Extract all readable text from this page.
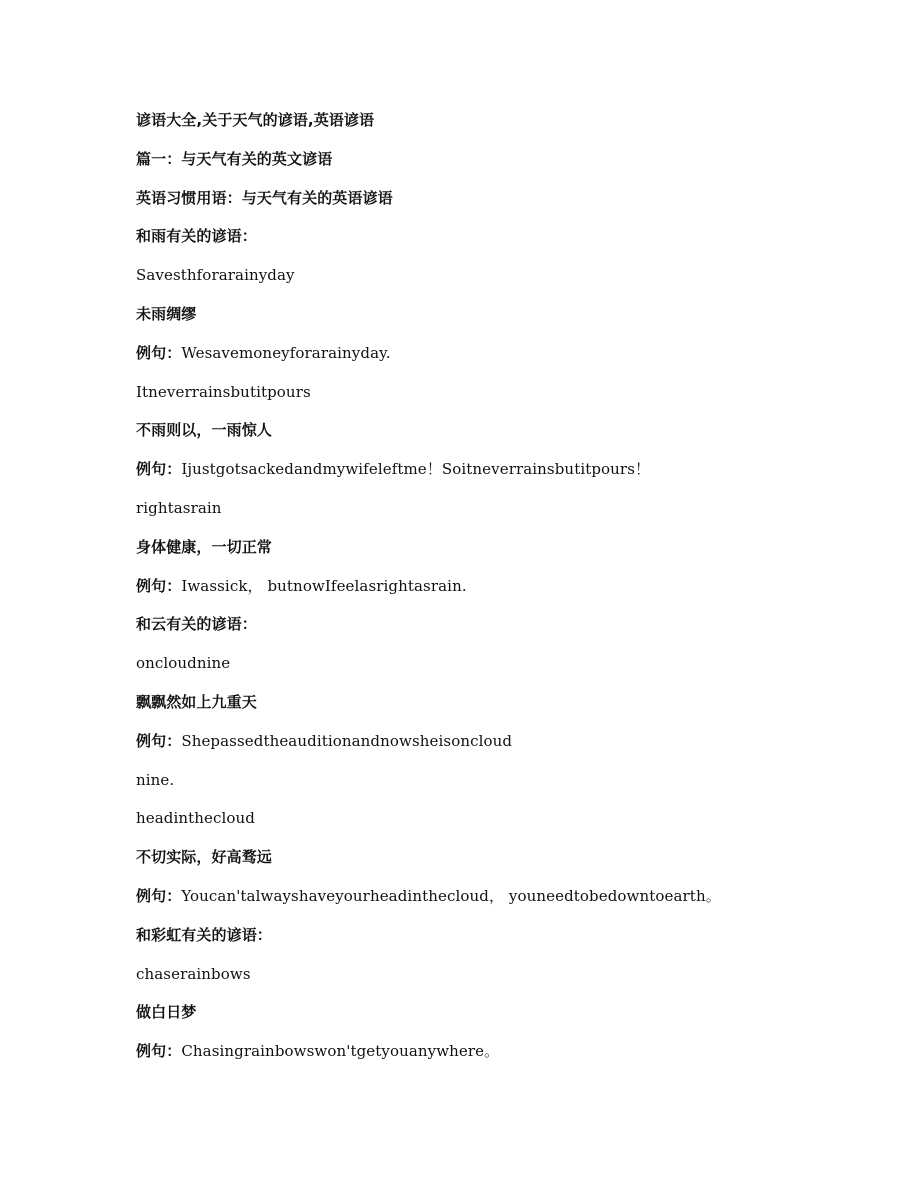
谚语大全,关于天气的谚语,英语谚语
篇一：与天气有关的英文谚语
英语习惯用语：与天气有关的英语谚语
和雨有关的谚语：
Savesthforarainyday
未雨绸缪
例句：Wesavemoneyforarainyday.
Itneverrainsbutitpours
不雨则以，一雨惊人
例句：Ijustgotsackedandmywifeleftme！Soitneverrainsbutitpours！
rightasrain
身体健康，一切正常
例句：Iwassick， butnowIfeelasrightasrain.
和云有关的谚语：
oncloudnine
飘飘然如上九重天
例句：Shepassedtheauditionandnowsheisoncloud
nine.
headinthecloud
不切实际，好高骛远
例句：Youcan'talwayshaveyourheadinthecloud， youneedtobedowntoearth。
和彩虹有关的谚语：
chaserainbows
做白日梦
例句：Chasingrainbowswon'tgetyouanywhere。
